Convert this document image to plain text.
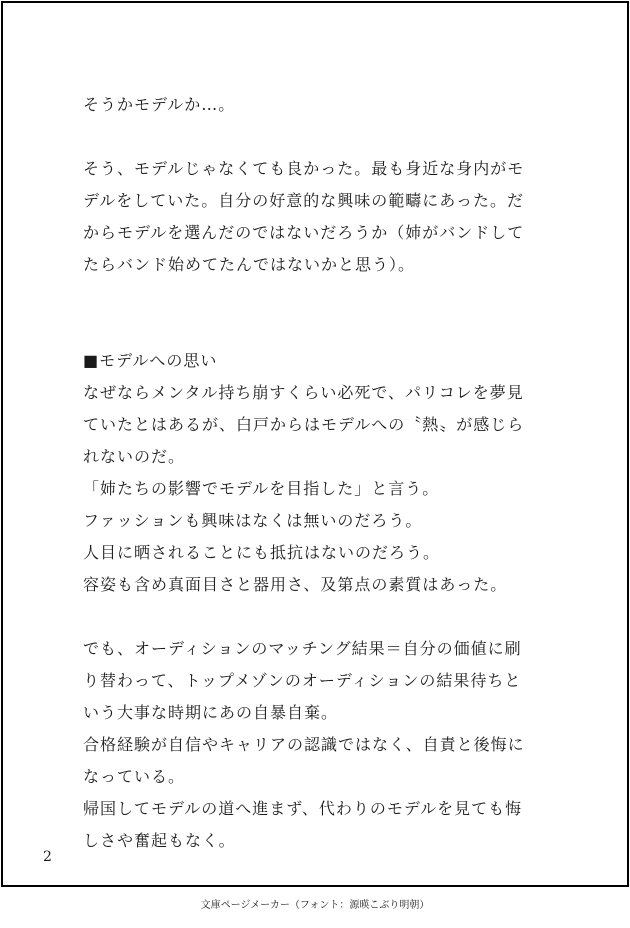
そうかモデルか…。
そう、モデルじゃなくても良かった。最も身近な身内がモ
デルをしていた。自分の好意的な興味の範疇にあった。だ
からモデルを選んだのではないだろうか（姉がバンドして
たらバンド始めてたんではないかと思う）。
■モデルへの思い
なぜならメンタル持ち崩すくらい必死で、パリコレを夢見
ていたとはあるが、白戸からはモデルへの〝熱〟が感じら
れないのだ。
「姉たちの影響でモデルを目指した」と言う。
ファッションも興味はなくは無いのだろう。
人目に晒されることにも抵抗はないのだろう。
容姿も含め真面目さと器用さ、及第点の素質はあった。
でも、オーディションのマッチング結果＝自分の価値に刷
り替わって、トップメゾンのオーディションの結果待ちと
いう大事な時期にあの自暴自棄。
合格経験が自信やキャリアの認識ではなく、自責と後悔に
なっている。
帰国してモデルの道へ進まず、代わりのモデルを見ても悔
しさや奮起もなく。
2
文庫ページメーカー（フォント：源暎こぶり明朝）
